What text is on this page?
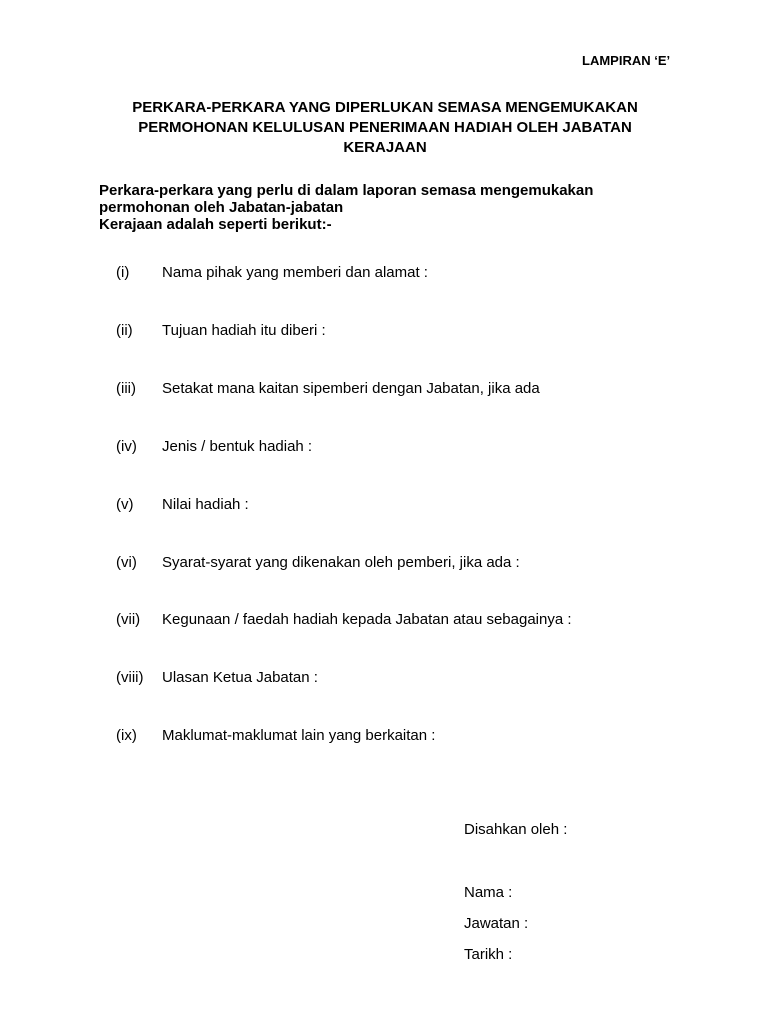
LAMPIRAN ‘E’
PERKARA-PERKARA YANG DIPERLUKAN SEMASA MENGEMUKAKAN
PERMOHONAN KELULUSAN PENERIMAAN HADIAH OLEH JABATAN
KERAJAAN
Perkara-perkara yang perlu di dalam laporan semasa mengemukakan
permohonan oleh Jabatan-jabatan
Kerajaan adalah seperti berikut:-
(i) Nama pihak yang memberi dan alamat :
(ii) Tujuan hadiah itu diberi :
(iii) Setakat mana kaitan sipemberi dengan Jabatan, jika ada
(iv) Jenis / bentuk hadiah :
(v) Nilai hadiah :
(vi) Syarat-syarat yang dikenakan oleh pemberi, jika ada :
(vii) Kegunaan / faedah hadiah kepada Jabatan atau sebagainya :
(viii) Ulasan Ketua Jabatan :
(ix) Maklumat-maklumat lain yang berkaitan :
Disahkan oleh :
Nama :
Jawatan :
Tarikh :
